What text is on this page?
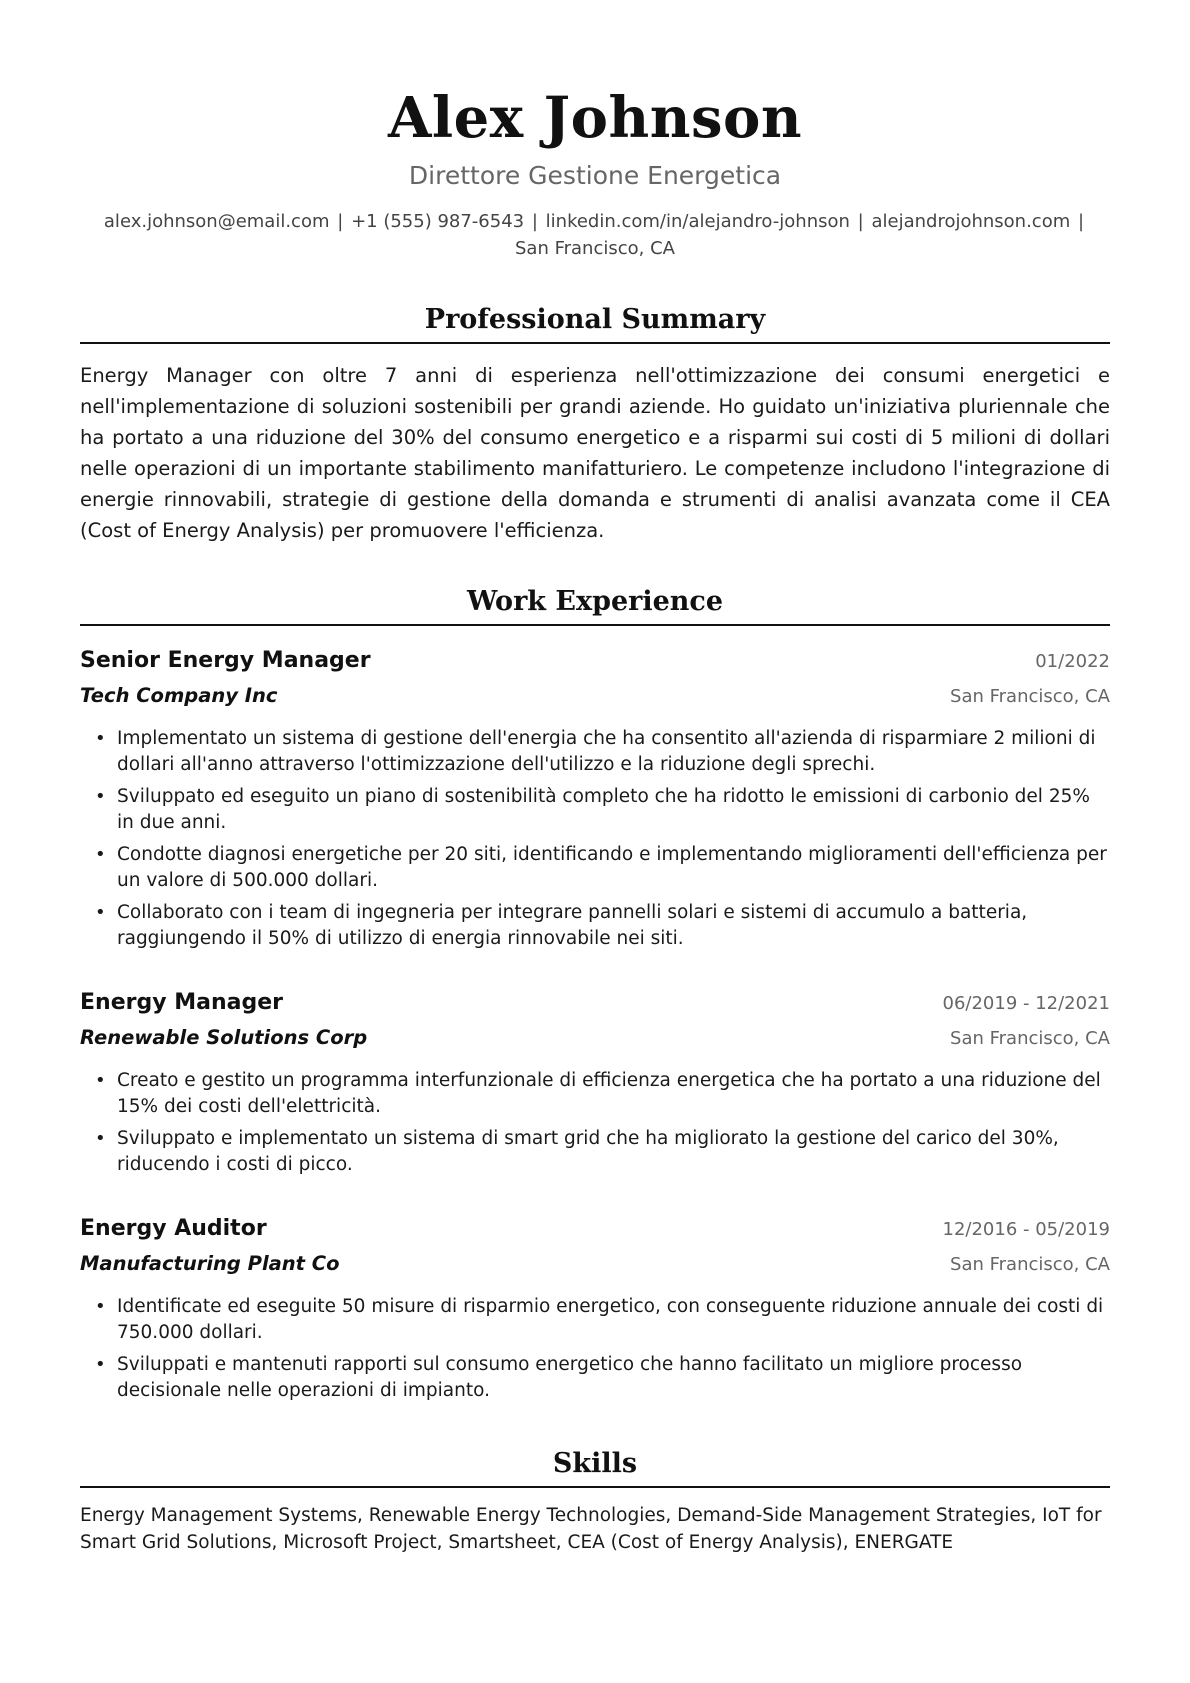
Alex Johnson
Direttore Gestione Energetica
alex.johnson@email.com | +1 (555) 987-6543 | linkedin.com/in/alejandro-johnson | alejandrojohnson.com | San Francisco, CA
Professional Summary
Energy Manager con oltre 7 anni di esperienza nell'ottimizzazione dei consumi energetici e nell'implementazione di soluzioni sostenibili per grandi aziende. Ho guidato un'iniziativa pluriennale che ha portato a una riduzione del 30% del consumo energetico e a risparmi sui costi di 5 milioni di dollari nelle operazioni di un importante stabilimento manifatturiero. Le competenze includono l'integrazione di energie rinnovabili, strategie di gestione della domanda e strumenti di analisi avanzata come il CEA (Cost of Energy Analysis) per promuovere l'efficienza.
Work Experience
Senior Energy Manager	01/2022
Tech Company Inc	San Francisco, CA
• Implementato un sistema di gestione dell'energia che ha consentito all'azienda di risparmiare 2 milioni di dollari all'anno attraverso l'ottimizzazione dell'utilizzo e la riduzione degli sprechi.
• Sviluppato ed eseguito un piano di sostenibilità completo che ha ridotto le emissioni di carbonio del 25% in due anni.
• Condotte diagnosi energetiche per 20 siti, identificando e implementando miglioramenti dell'efficienza per un valore di 500.000 dollari.
• Collaborato con i team di ingegneria per integrare pannelli solari e sistemi di accumulo a batteria, raggiungendo il 50% di utilizzo di energia rinnovabile nei siti.
Energy Manager	06/2019 - 12/2021
Renewable Solutions Corp	San Francisco, CA
• Creato e gestito un programma interfunzionale di efficienza energetica che ha portato a una riduzione del 15% dei costi dell'elettricità.
• Sviluppato e implementato un sistema di smart grid che ha migliorato la gestione del carico del 30%, riducendo i costi di picco.
Energy Auditor	12/2016 - 05/2019
Manufacturing Plant Co	San Francisco, CA
• Identificate ed eseguite 50 misure di risparmio energetico, con conseguente riduzione annuale dei costi di 750.000 dollari.
• Sviluppati e mantenuti rapporti sul consumo energetico che hanno facilitato un migliore processo decisionale nelle operazioni di impianto.
Skills
Energy Management Systems, Renewable Energy Technologies, Demand-Side Management Strategies, IoT for Smart Grid Solutions, Microsoft Project, Smartsheet, CEA (Cost of Energy Analysis), ENERGATE
